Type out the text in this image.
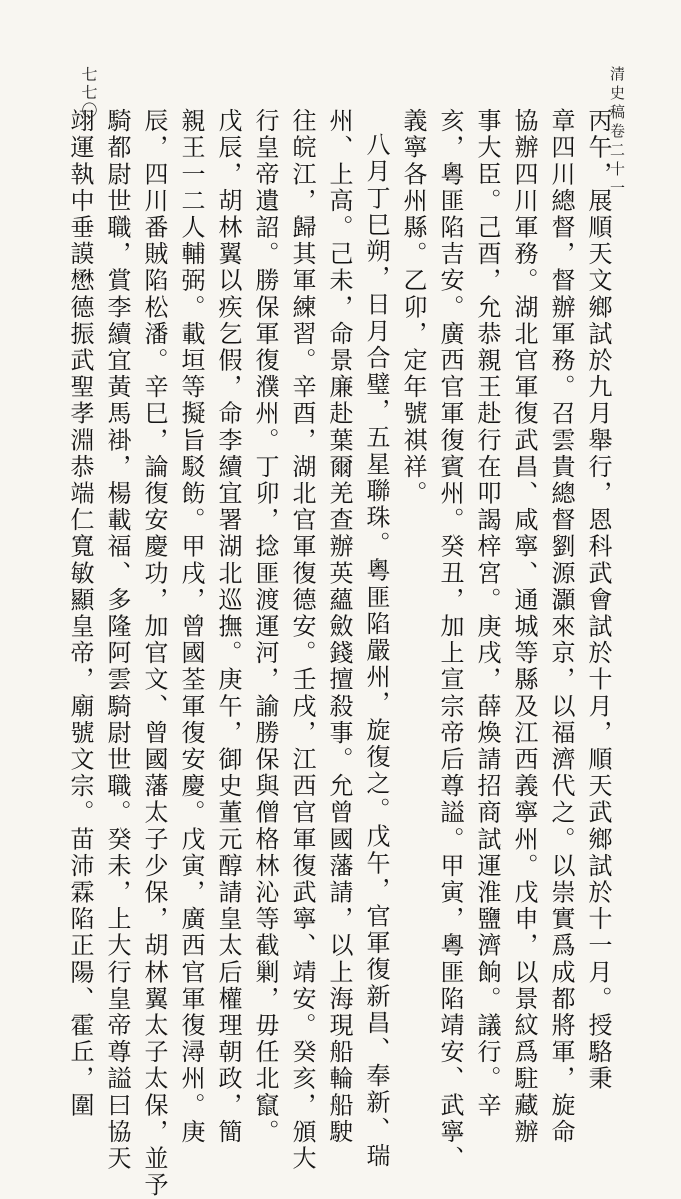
清史稿卷二十一
七七〇
丙午，展順天文鄉試於九月舉行，恩科武會試於十月，順天武鄉試於十一月。授駱秉
章四川總督，督辦軍務。召雲貴總督劉源灝來京，以福濟代之。以崇實爲成都將軍，旋命
協辦四川軍務。湖北官軍復武昌、咸寧、通城等縣及江西義寧州。戊申，以景紋爲駐藏辦
事大臣。己酉，允恭親王赴行在叩謁梓宮。庚戌，薛煥請招商試運淮鹽濟餉。議行。辛
亥，粵匪陷吉安。廣西官軍復賓州。癸丑，加上宣宗帝后尊謚。甲寅，粵匪陷靖安、武寧、
義寧各州縣。乙卯，定年號祺祥。
八月丁巳朔，日月合璧，五星聯珠。粵匪陷嚴州，旋復之。戊午，官軍復新昌、奉新、瑞
州、上高。己未，命景廉赴葉爾羌查辦英蘊斂錢擅殺事。允曾國藩請，以上海現船輪船駛
往皖江，歸其軍練習。辛酉，湖北官軍復德安。壬戌，江西官軍復武寧、靖安。癸亥，頒大
行皇帝遺詔。勝保軍復濮州。丁卯，捻匪渡運河，諭勝保與僧格林沁等截剿，毋任北竄。
戊辰，胡林翼以疾乞假，命李續宜署湖北巡撫。庚午，御史董元醇請皇太后權理朝政，簡
親王一二人輔弼。載垣等擬旨駁飭。甲戌，曾國荃軍復安慶。戊寅，廣西官軍復潯州。庚
辰，四川番賊陷松潘。辛巳，論復安慶功，加官文、曾國藩太子少保，胡林翼太子太保，並予
騎都尉世職，賞李續宜黃馬褂，楊載福、多隆阿雲騎尉世職。癸未，上大行皇帝尊謚曰協天
翊運執中垂謨懋德振武聖孝淵恭端仁寬敏顯皇帝，廟號文宗。苗沛霖陷正陽、霍丘，圍
